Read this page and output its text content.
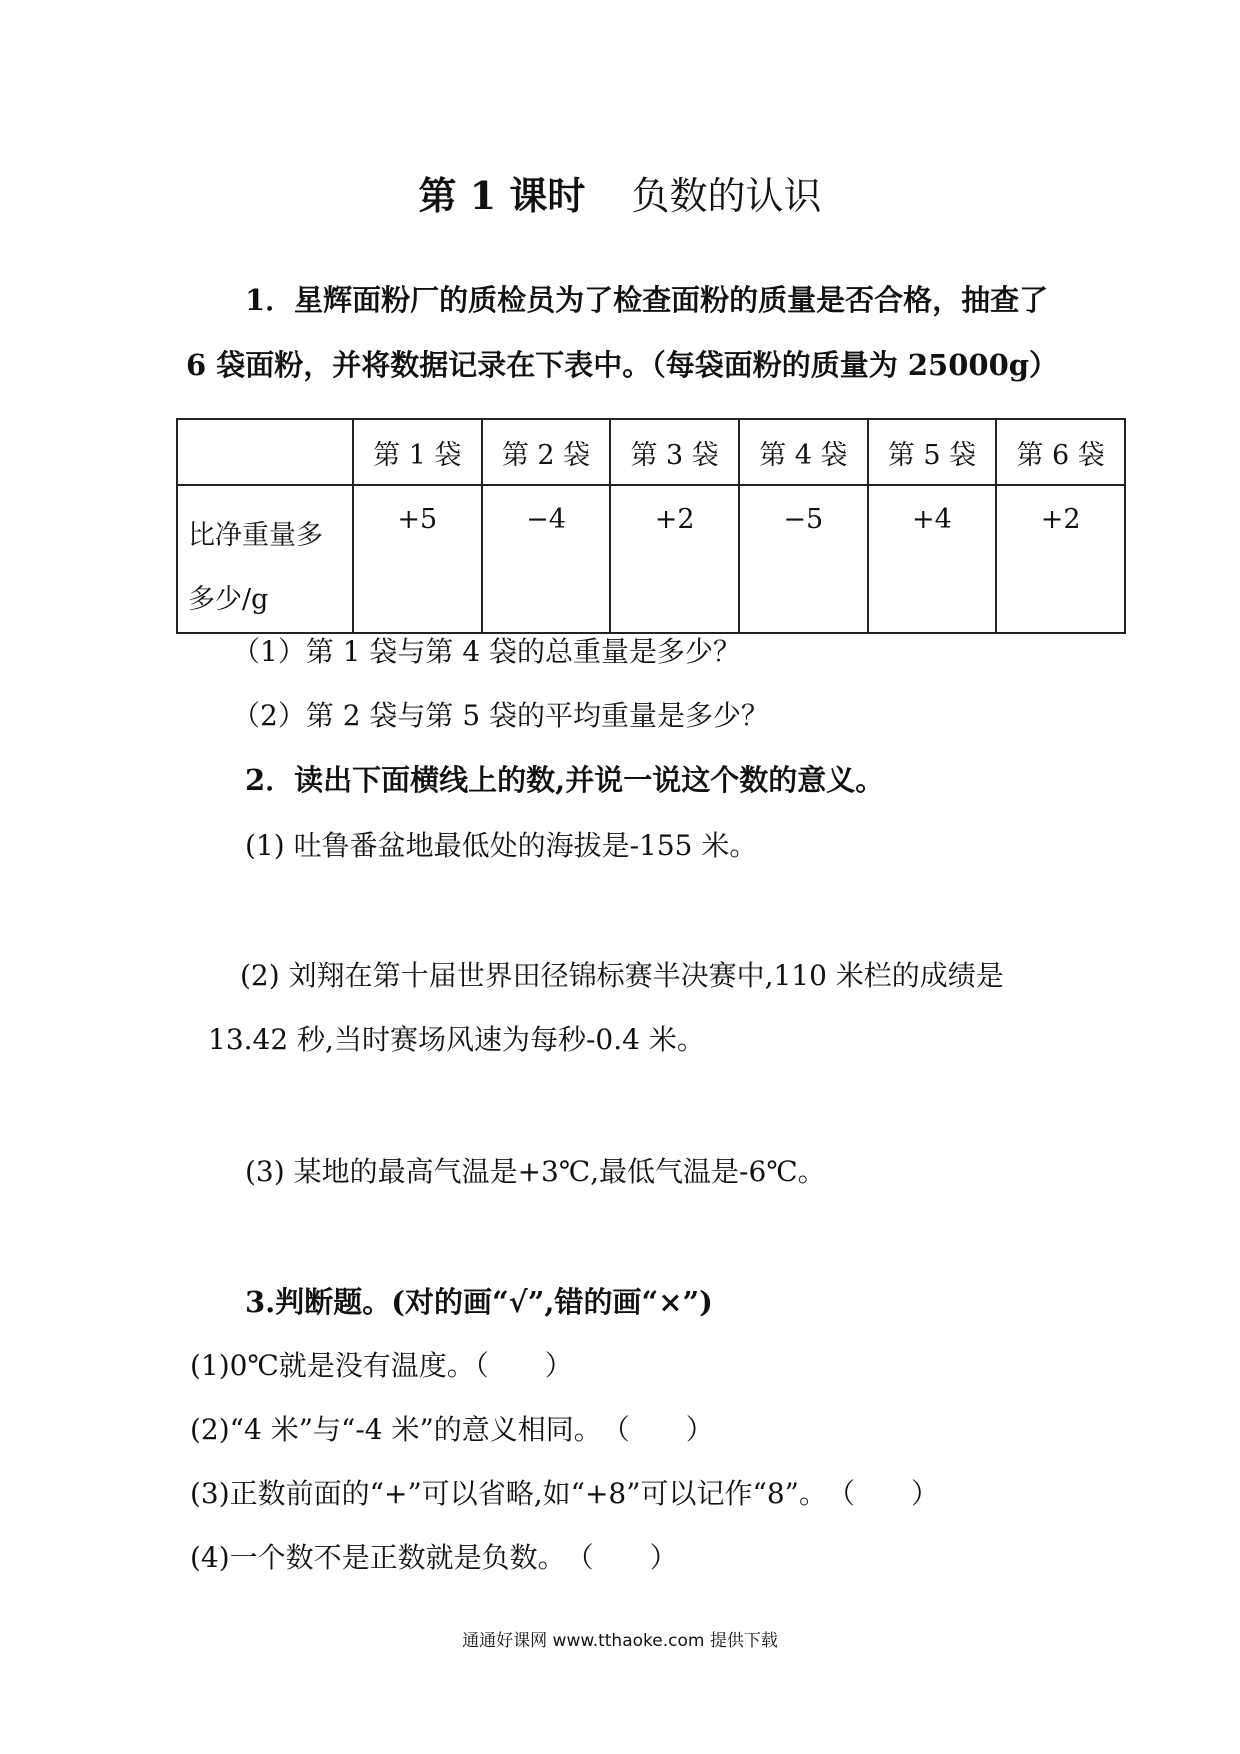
第 1 课时 负数的认识
1．星辉面粉厂的质检员为了检查面粉的质量是否合格，抽查了
6 袋面粉，并将数据记录在下表中。（每袋面粉的质量为 25000g）
	第 1 袋	第 2 袋	第 3 袋	第 4 袋	第 5 袋	第 6 袋

比净重量多多少/g	+5	−4	+2	−5	+4	+2
（1）第 1 袋与第 4 袋的总重量是多少？
（2）第 2 袋与第 5 袋的平均重量是多少？
2．读出下面横线上的数,并说一说这个数的意义。
(1) 吐鲁番盆地最低处的海拔是-155 米。
(2) 刘翔在第十届世界田径锦标赛半决赛中,110 米栏的成绩是
13.42 秒,当时赛场风速为每秒-0.4 米。
(3) 某地的最高气温是+3℃,最低气温是-6℃。
3.判断题。(对的画“√”,错的画“×”)
(1)0℃就是没有温度。（　　）
(2)“4 米”与“-4 米”的意义相同。　（　　）
(3)正数前面的“+”可以省略,如“+8”可以记作“8”。　（　　）
(4)一个数不是正数就是负数。　（　　）
通通好课网 www.tthaoke.com 提供下载
